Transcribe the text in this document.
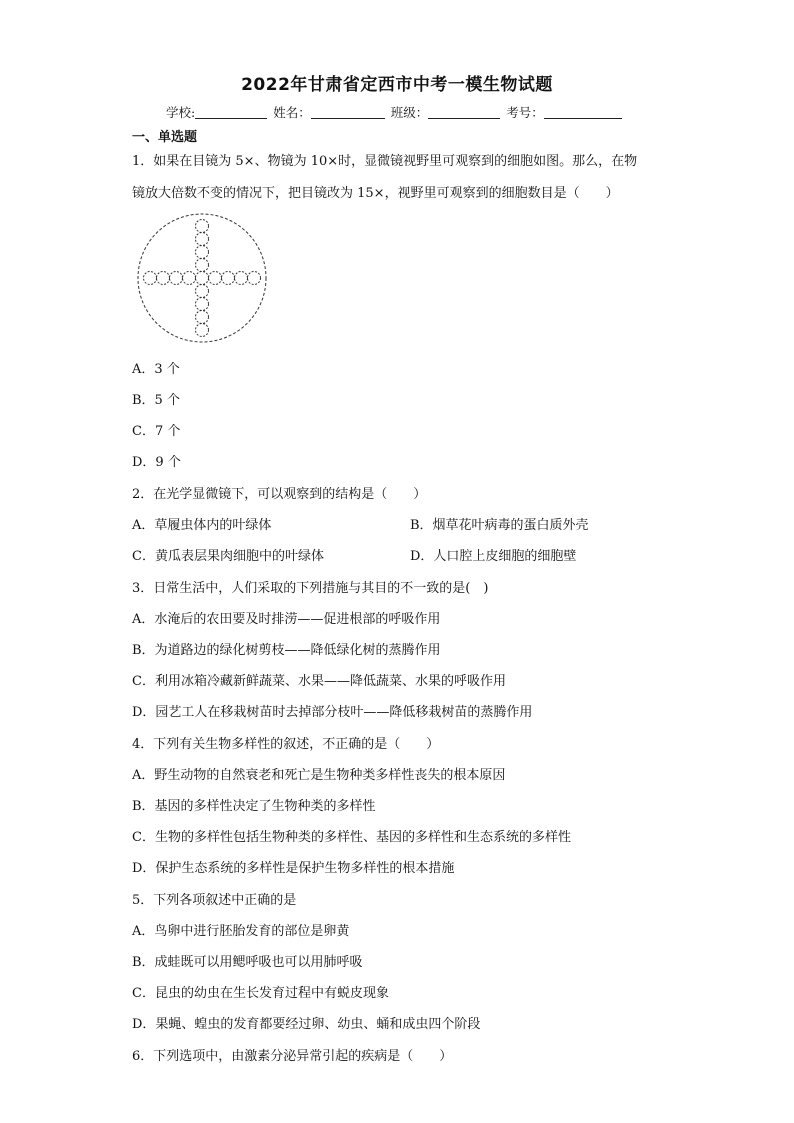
2022年甘肃省定西市中考一模生物试题
学校:	姓名：	班级：	考号：
一、单选题
1．如果在目镜为 5×、物镜为 10×时，显微镜视野里可观察到的细胞如图。那么，在物
镜放大倍数不变的情况下，把目镜改为 15×，视野里可观察到的细胞数目是（　　）
A．3 个
B．5 个
C．7 个
D．9 个
2．在光学显微镜下，可以观察到的结构是（　　）
A．草履虫体内的叶绿体	B．烟草花叶病毒的蛋白质外壳
C．黄瓜表层果肉细胞中的叶绿体	D．人口腔上皮细胞的细胞壁
3．日常生活中，人们采取的下列措施与其目的不一致的是(　)
A．水淹后的农田要及时排涝——促进根部的呼吸作用
B．为道路边的绿化树剪枝——降低绿化树的蒸腾作用
C．利用冰箱冷藏新鲜蔬菜、水果——降低蔬菜、水果的呼吸作用
D．园艺工人在移栽树苗时去掉部分枝叶——降低移栽树苗的蒸腾作用
4．下列有关生物多样性的叙述，不正确的是（　　）
A．野生动物的自然衰老和死亡是生物种类多样性丧失的根本原因
B．基因的多样性决定了生物种类的多样性
C．生物的多样性包括生物种类的多样性、基因的多样性和生态系统的多样性
D．保护生态系统的多样性是保护生物多样性的根本措施
5．下列各项叙述中正确的是
A．鸟卵中进行胚胎发育的部位是卵黄
B．成蛙既可以用鳃呼吸也可以用肺呼吸
C．昆虫的幼虫在生长发育过程中有蜕皮现象
D．果蝇、蝗虫的发育都要经过卵、幼虫、蛹和成虫四个阶段
6．下列选项中，由激素分泌异常引起的疾病是（　　）
